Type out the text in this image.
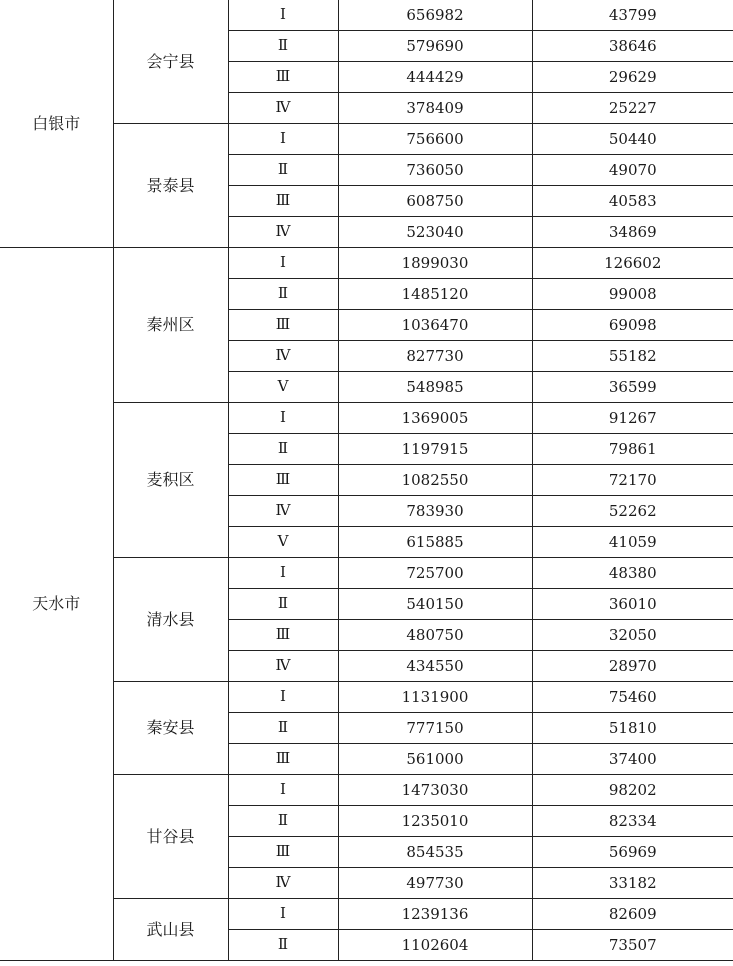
白银市	会宁县	Ⅰ	656982	43799
		Ⅱ	579690	38646
		Ⅲ	444429	29629
		Ⅳ	378409	25227
	景泰县	Ⅰ	756600	50440
		Ⅱ	736050	49070
		Ⅲ	608750	40583
		Ⅳ	523040	34869
天水市	秦州区	Ⅰ	1899030	126602
		Ⅱ	1485120	99008
		Ⅲ	1036470	69098
		Ⅳ	827730	55182
		Ⅴ	548985	36599
	麦积区	Ⅰ	1369005	91267
		Ⅱ	1197915	79861
		Ⅲ	1082550	72170
		Ⅳ	783930	52262
		Ⅴ	615885	41059
	清水县	Ⅰ	725700	48380
		Ⅱ	540150	36010
		Ⅲ	480750	32050
		Ⅳ	434550	28970
	秦安县	Ⅰ	1131900	75460
		Ⅱ	777150	51810
		Ⅲ	561000	37400
	甘谷县	Ⅰ	1473030	98202
		Ⅱ	1235010	82334
		Ⅲ	854535	56969
		Ⅳ	497730	33182
	武山县	Ⅰ	1239136	82609
		Ⅱ	1102604	73507
